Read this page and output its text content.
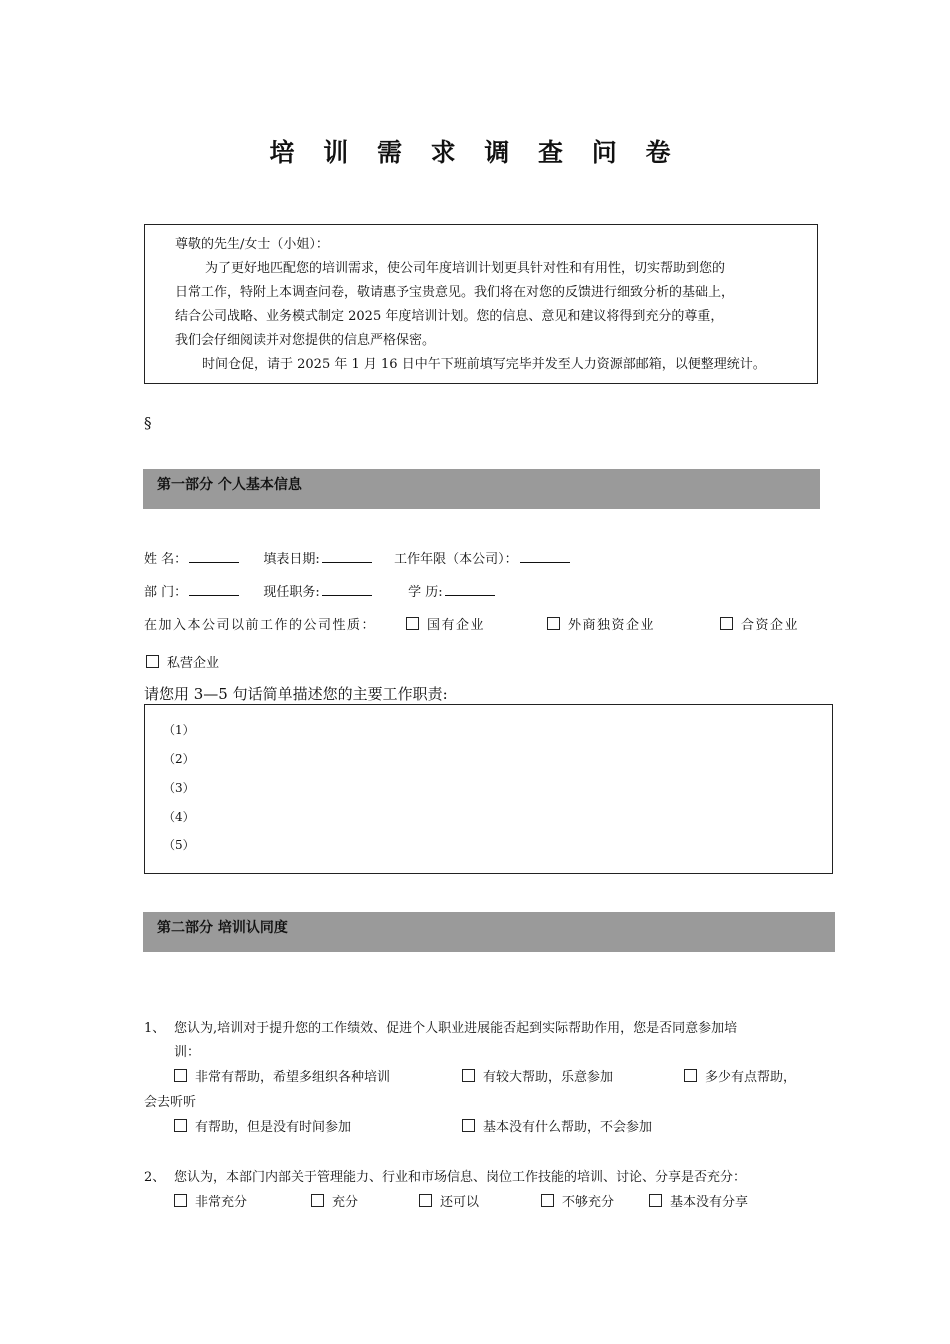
培 训 需 求 调 查 问 卷
尊敬的先生/女士（小姐）：
为了更好地匹配您的培训需求，使公司年度培训计划更具针对性和有用性，切实帮助到您的
日常工作，特附上本调查问卷，敬请惠予宝贵意见。我们将在对您的反馈进行细致分析的基础上，
结合公司战略、业务模式制定 2025 年度培训计划。您的信息、意见和建议将得到充分的尊重，
我们会仔细阅读并对您提供的信息严格保密。
时间仓促，请于 2025 年 1 月 16 日中午下班前填写完毕并发至人力资源部邮箱，以便整理统计。
§
第一部分 个人基本信息
姓 名：	填表日期:	工作年限（本公司）：
部 门：	现任职务:	学 历:
在加入本公司以前工作的公司性质：	国有企业	外商独资企业	合资企业
私营企业
请您用 3—5 句话简单描述您的主要工作职责:
（1）
（2）
（3）
（4）
（5）
第二部分 培训认同度
1、 您认为,培训对于提升您的工作绩效、促进个人职业进展能否起到实际帮助作用，您是否同意参加培
训：
非常有帮助，希望多组织各种培训	有较大帮助，乐意参加	多少有点帮助，
会去听听
有帮助，但是没有时间参加	基本没有什么帮助，不会参加
2、 您认为，本部门内部关于管理能力、行业和市场信息、岗位工作技能的培训、讨论、分享是否充分：
非常充分	充分	还可以	不够充分	基本没有分享
